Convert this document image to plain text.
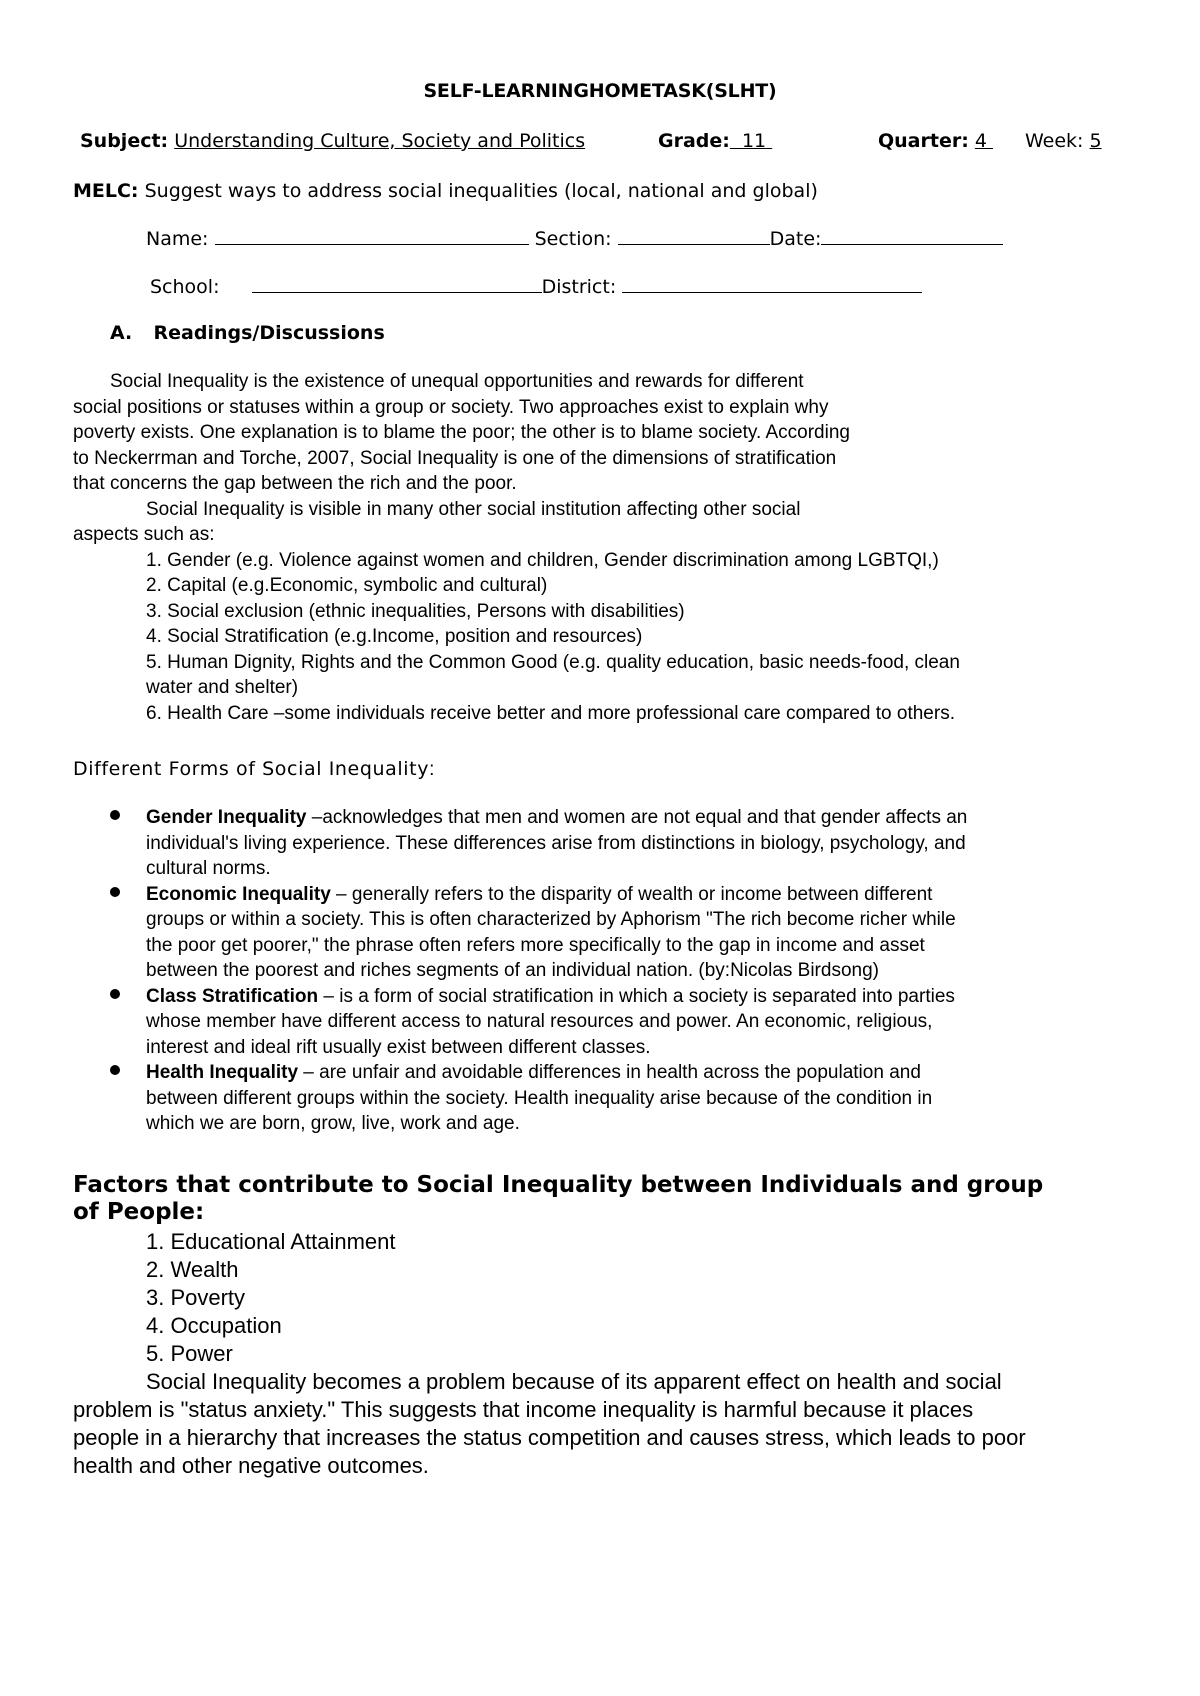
SELF-LEARNINGHOMETASK(SLHT)
Subject: Understanding Culture, Society and Politics	Grade: 11	Quarter: 4	Week: 5
MELC: Suggest ways to address social inequalities (local, national and global)
Name:	Section:	Date:
School:	District:
A. Readings/Discussions

Social Inequality is the existence of unequal opportunities and rewards for different

social positions or statuses within a group or society. Two approaches exist to explain why

poverty exists. One explanation is to blame the poor; the other is to blame society. According

to Neckerrman and Torche, 2007, Social Inequality is one of the dimensions of stratification

that concerns the gap between the rich and the poor.

Social Inequality is visible in many other social institution affecting other social

aspects such as:

1. Gender (e.g. Violence against women and children, Gender discrimination among LGBTQI,)
2. Capital (e.g.Economic, symbolic and cultural)
3. Social exclusion (ethnic inequalities, Persons with disabilities)
4. Social Stratification (e.g.Income, position and resources)
5. Human Dignity, Rights and the Common Good (e.g. quality education, basic needs-food, clean
water and shelter)
6. Health Care –some individuals receive better and more professional care compared to others.
Different Forms of Social Inequality:
Gender Inequality –acknowledges that men and women are not equal and that gender affects an
individual's living experience. These differences arise from distinctions in biology, psychology, and
cultural norms.
Economic Inequality – generally refers to the disparity of wealth or income between different
groups or within a society. This is often characterized by Aphorism "The rich become richer while
the poor get poorer," the phrase often refers more specifically to the gap in income and asset
between the poorest and riches segments of an individual nation. (by:Nicolas Birdsong)
Class Stratification – is a form of social stratification in which a society is separated into parties
whose member have different access to natural resources and power. An economic, religious,
interest and ideal rift usually exist between different classes.
Health Inequality – are unfair and avoidable differences in health across the population and
between different groups within the society. Health inequality arise because of the condition in
which we are born, grow, live, work and age.
Factors that contribute to Social Inequality between Individuals and group
of People:
1. Educational Attainment
2. Wealth
3. Poverty
4. Occupation
5. Power
Social Inequality becomes a problem because of its apparent effect on health and social
problem is "status anxiety." This suggests that income inequality is harmful because it places
people in a hierarchy that increases the status competition and causes stress, which leads to poor
health and other negative outcomes.
